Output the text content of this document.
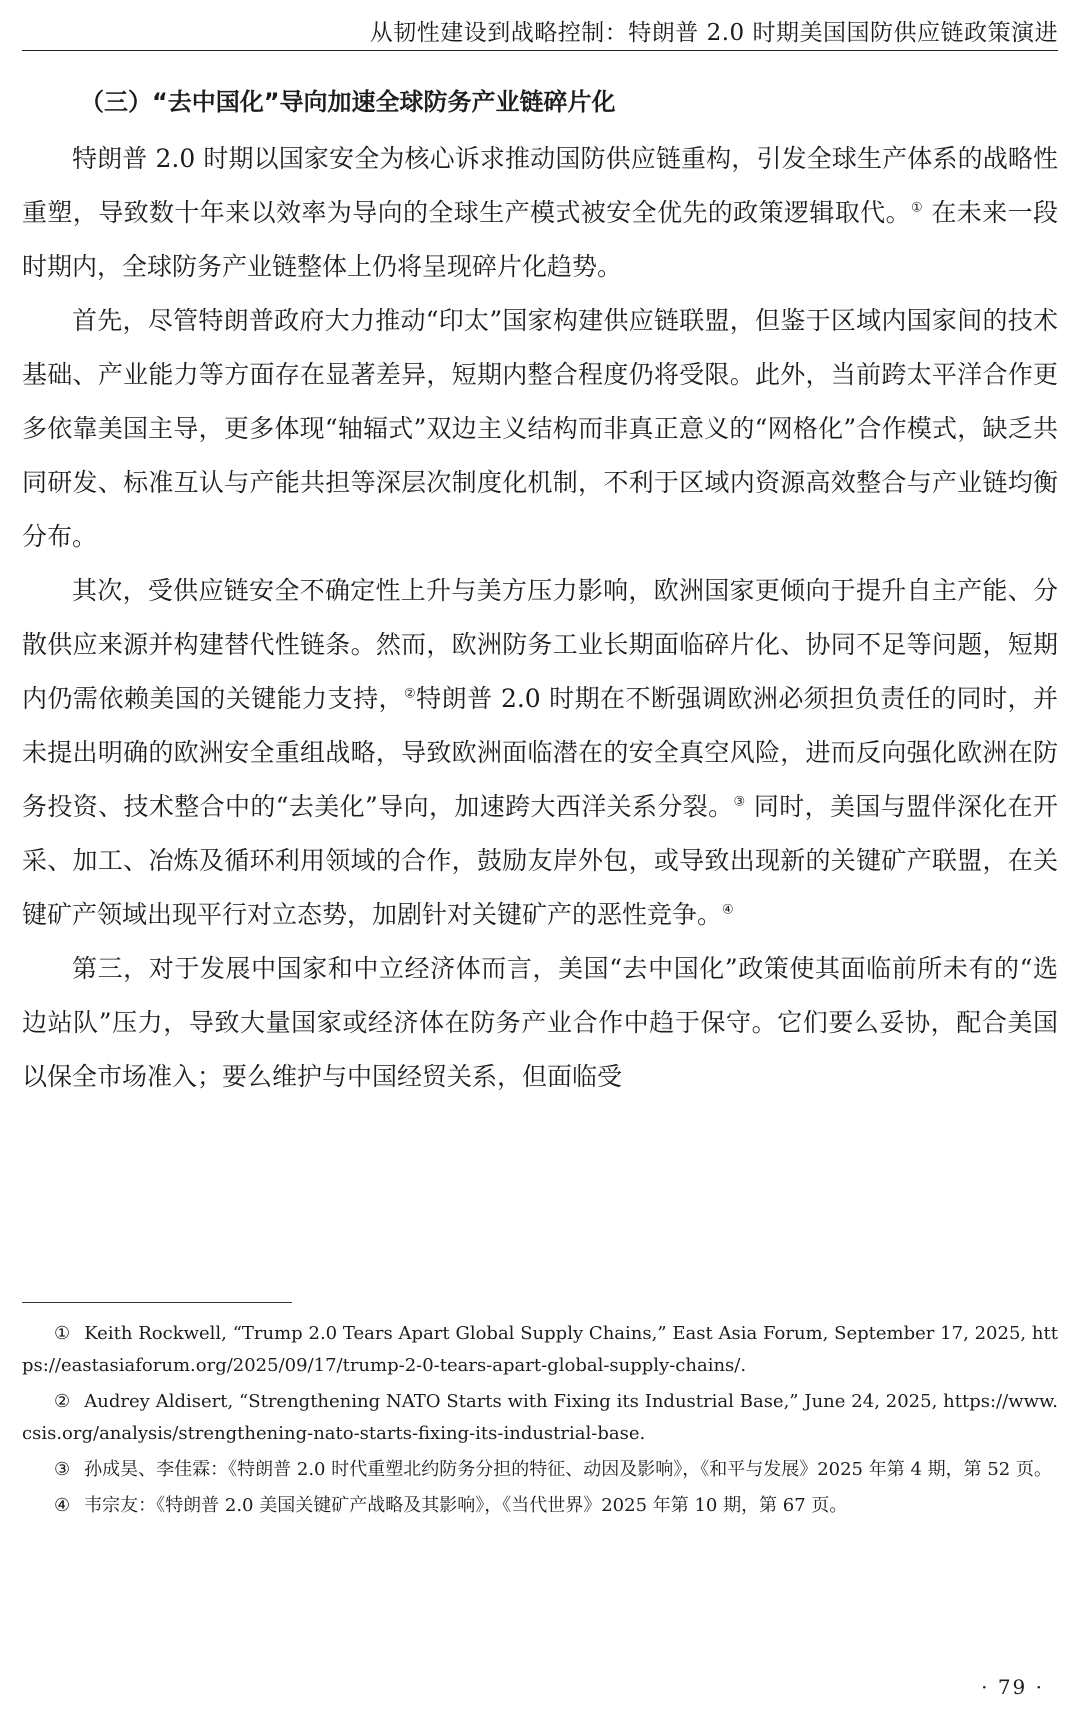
从韧性建设到战略控制：特朗普 2.0 时期美国国防供应链政策演进
（三）“去中国化”导向加速全球防务产业链碎片化

特朗普 2.0 时期以国家安全为核心诉求推动国防供应链重构，引发全球生产体系的战略性重塑，导致数十年来以效率为导向的全球生产模式被安全优先的政策逻辑取代。① 在未来一段时期内，全球防务产业链整体上仍将呈现碎片化趋势。

首先，尽管特朗普政府大力推动“印太”国家构建供应链联盟，但鉴于区域内国家间的技术基础、产业能力等方面存在显著差异，短期内整合程度仍将受限。此外，当前跨太平洋合作更多依靠美国主导，更多体现“轴辐式”双边主义结构而非真正意义的“网格化”合作模式，缺乏共同研发、标准互认与产能共担等深层次制度化机制，不利于区域内资源高效整合与产业链均衡分布。

其次，受供应链安全不确定性上升与美方压力影响，欧洲国家更倾向于提升自主产能、分散供应来源并构建替代性链条。然而，欧洲防务工业长期面临碎片化、协同不足等问题，短期内仍需依赖美国的关键能力支持，②特朗普 2.0 时期在不断强调欧洲必须担负责任的同时，并未提出明确的欧洲安全重组战略，导致欧洲面临潜在的安全真空风险，进而反向强化欧洲在防务投资、技术整合中的“去美化”导向，加速跨大西洋关系分裂。③ 同时，美国与盟伴深化在开采、加工、冶炼及循环利用领域的合作，鼓励友岸外包，或导致出现新的关键矿产联盟，在关键矿产领域出现平行对立态势，加剧针对关键矿产的恶性竞争。④

第三，对于发展中国家和中立经济体而言，美国“去中国化”政策使其面临前所未有的“选边站队”压力，导致大量国家或经济体在防务产业合作中趋于保守。它们要么妥协，配合美国以保全市场准入；要么维护与中国经贸关系，但面临受

① Keith Rockwell, “Trump 2.0 Tears Apart Global Supply Chains,” East Asia Forum, September 17, 2025, https://eastasiaforum.org/2025/09/17/trump-2-0-tears-apart-global-supply-chains/.
② Audrey Aldisert, “Strengthening NATO Starts with Fixing its Industrial Base,” June 24, 2025, https://www.csis.org/analysis/strengthening-nato-starts-fixing-its-industrial-base.
③ 孙成昊、李佳霖：《特朗普 2.0 时代重塑北约防务分担的特征、动因及影响》，《和平与发展》2025 年第 4 期，第 52 页。
④ 韦宗友：《特朗普 2.0 美国关键矿产战略及其影响》，《当代世界》2025 年第 10 期，第 67 页。
· 79 ·
